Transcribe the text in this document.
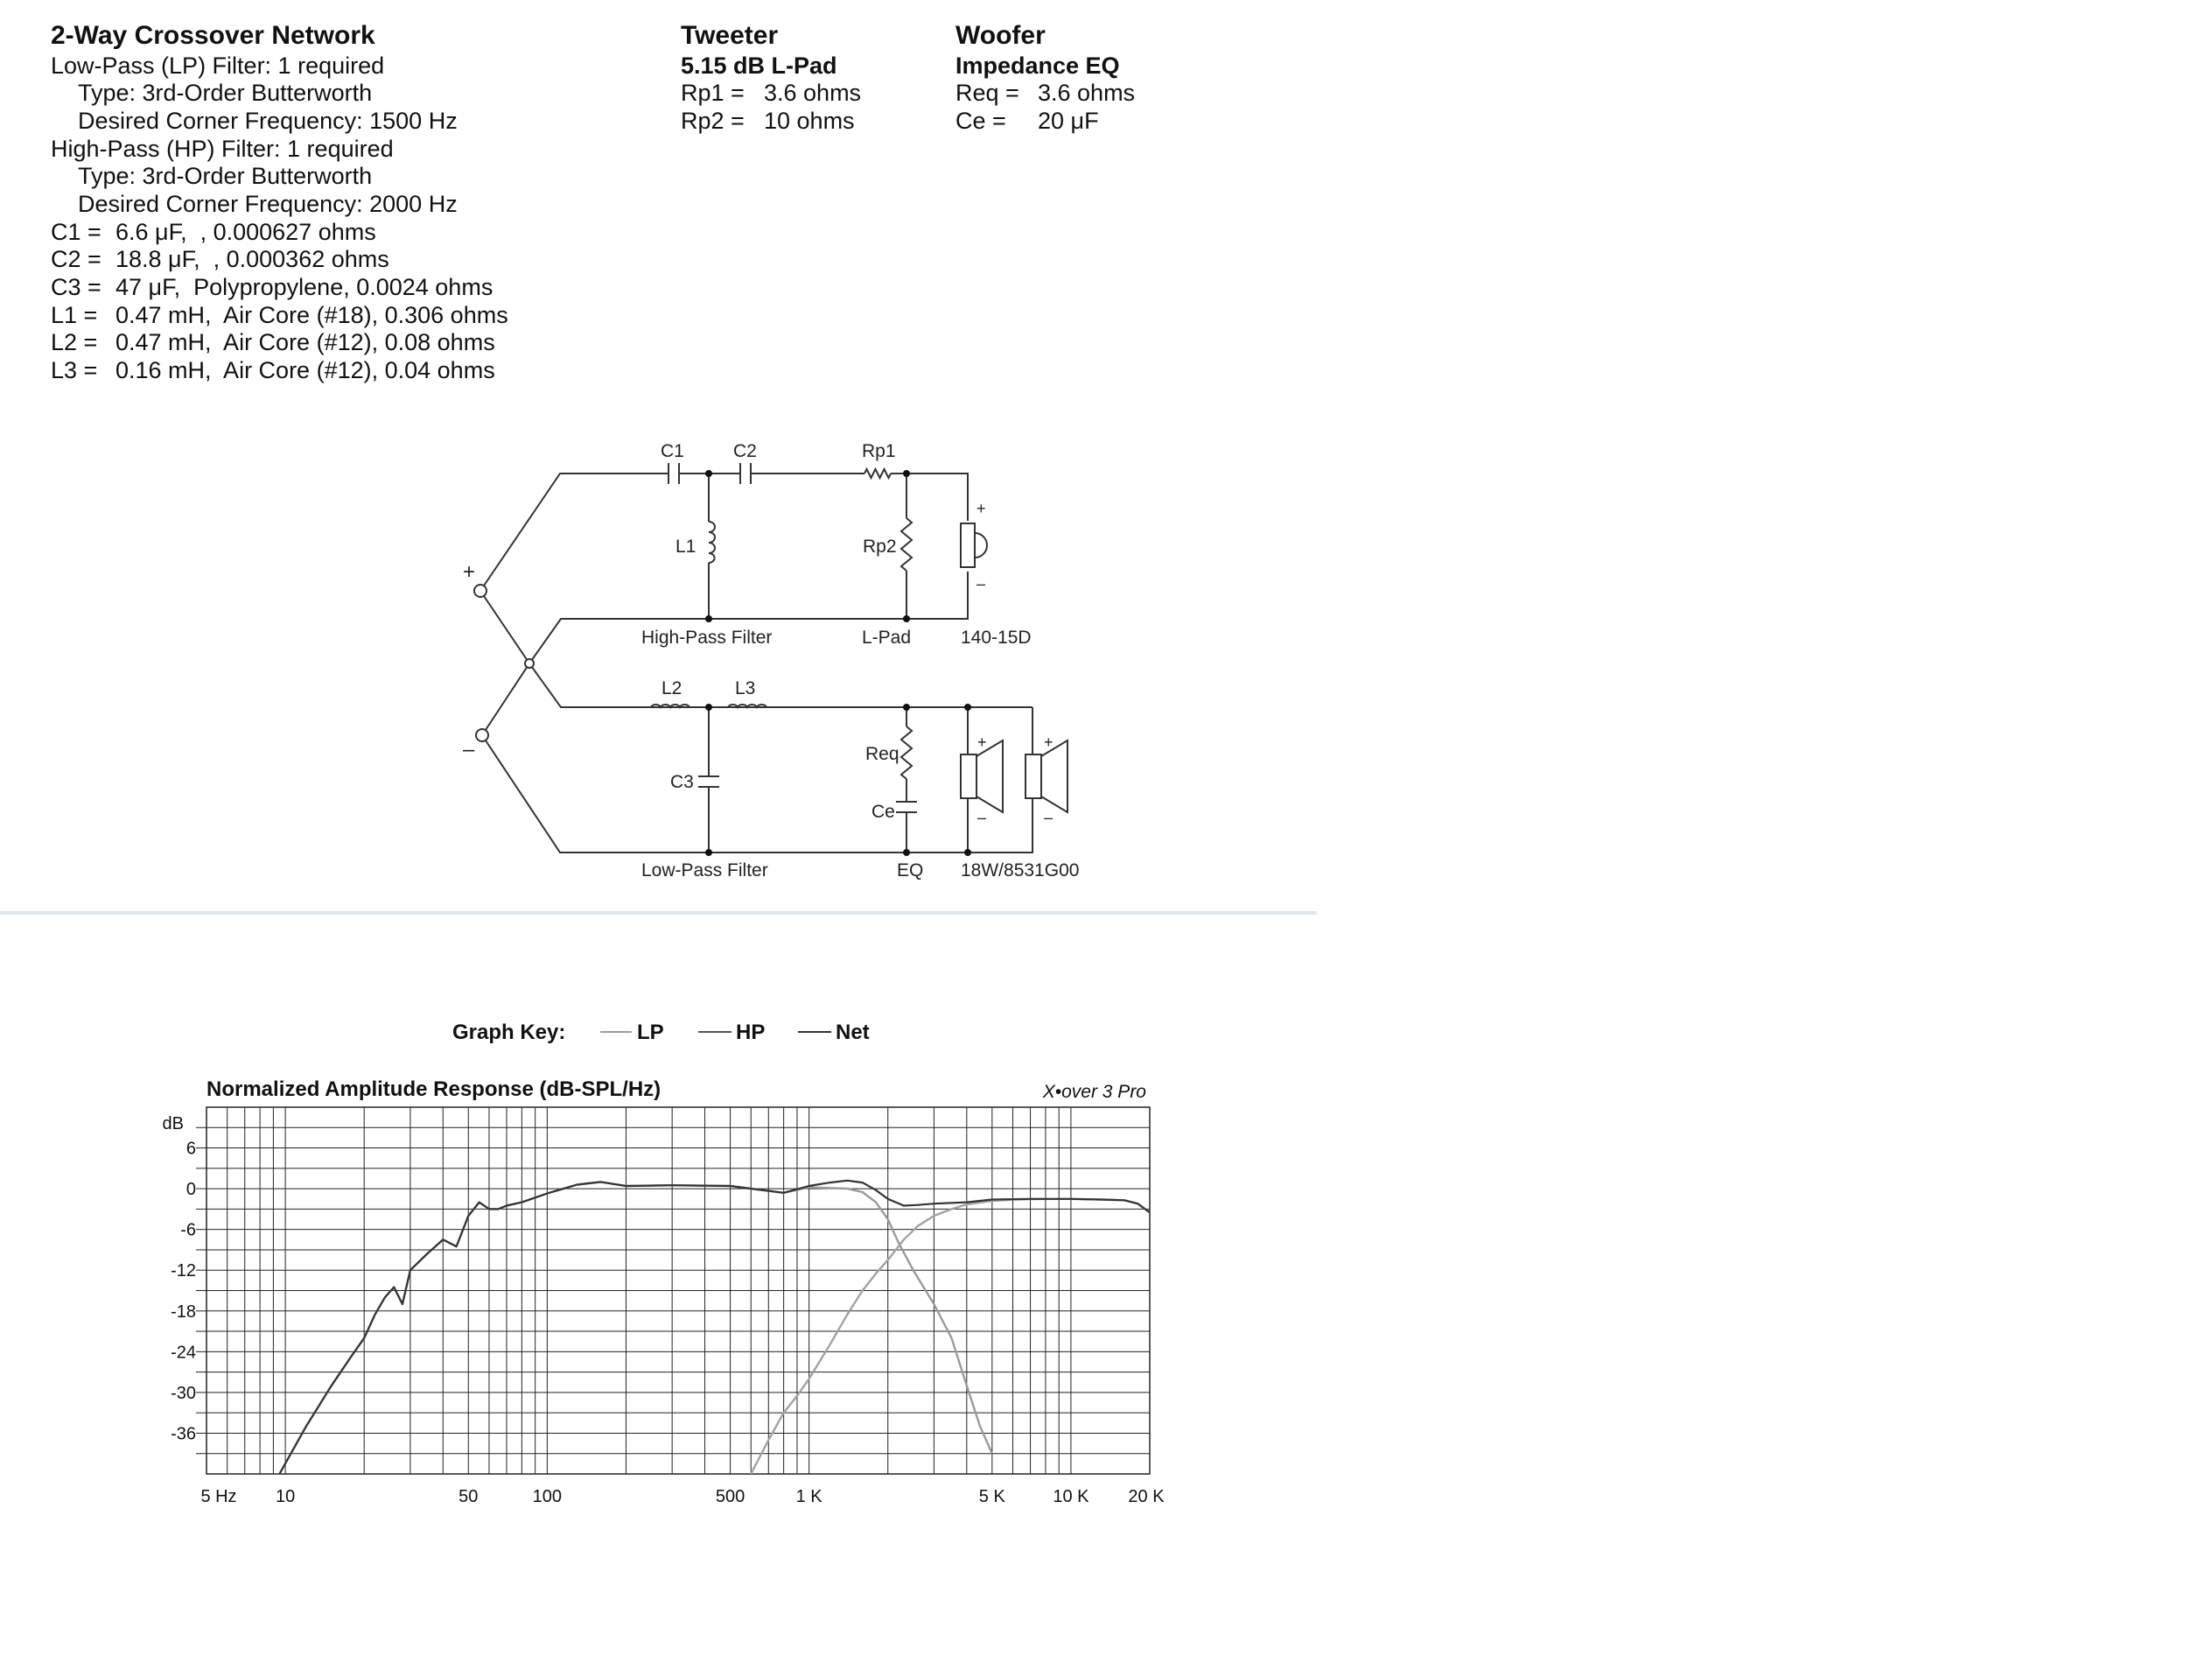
2-Way Crossover Network
Low-Pass (LP) Filter: 1 required
Type: 3rd-Order Butterworth
Desired Corner Frequency: 1500 Hz
High-Pass (HP) Filter: 1 required
Type: 3rd-Order Butterworth
Desired Corner Frequency: 2000 Hz
C1 = 6.6 μF,  , 0.000627 ohms
C2 = 18.8 μF,  , 0.000362 ohms
C3 = 47 μF,  Polypropylene, 0.0024 ohms
L1 = 0.47 mH,  Air Core (#18), 0.306 ohms
L2 = 0.47 mH,  Air Core (#12), 0.08 ohms
L3 = 0.16 mH,  Air Core (#12), 0.04 ohms
Tweeter
5.15 dB L-Pad
Rp1 = 3.6 ohms
Rp2 = 10 ohms
Woofer
Impedance EQ
Req = 3.6 ohms
Ce = 20 μF
C1	C2	Rp1
L1	Rp2
+
–
+
–
High-Pass Filter	L-Pad	140-15D
L2	L3
Req
C3
Ce
+	+
–	–
Low-Pass Filter	EQ 18W/8531G00
Graph Key:	LP	HP	Net
Normalized Amplitude Response (dB-SPL/Hz)	X•over 3 Pro
dB
6
0
-6
-12
-18
-24
-30
-36
5 Hz 10	50	100	500	1 K	5 K	10 K 20 K
